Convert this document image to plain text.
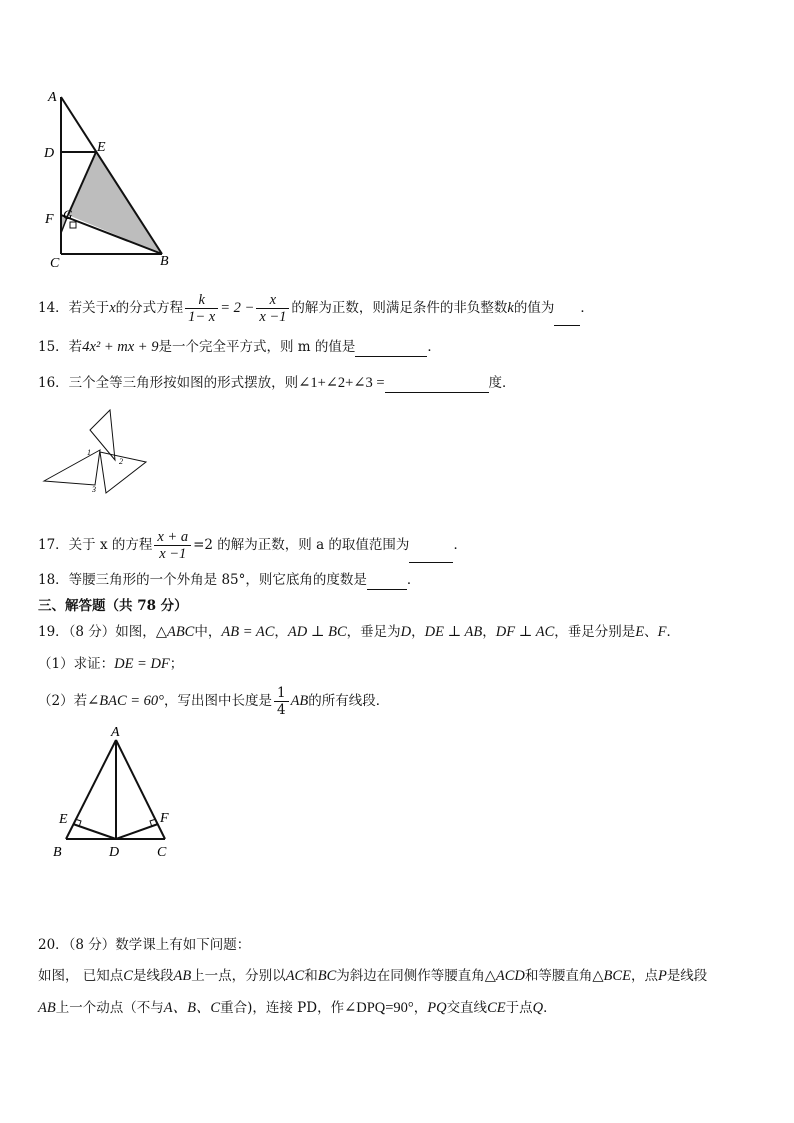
A
D	E
F G
C	B
14．若关于x的分式方程 $\frac{k}{1- x} = 2 - \frac{x}{x -1}$ 的解为正数，则满足条件的非负整数k的值为 ．
15．若4x² + mx + 9是一个完全平方式，则 m 的值是	．
16．三个全等三角形按如图的形式摆放，则∠1+∠2+∠3 =	度．
1
2
3
17．关于 x 的方程 $\frac{x + a}{x -1} =2$ 的解为正数，则 a 的取值范围为	．
18．等腰三角形的一个外角是 85°，则它底角的度数是	．
三、解答题（共 78 分）
19．（8 分）如图，△ABC中，AB = AC，AD ⊥ BC，垂足为D，DE ⊥ AB，DF ⊥ AC，垂足分别是E、F．
（1）求证：DE = DF；
（2）若∠BAC = 60°，写出图中长度是 $\frac{1}{4}$ AB的所有线段．
A
E	F
B	D	C
20．（8 分）数学课上有如下问题：
如图， 已知点C是线段AB上一点，分别以AC和BC为斜边在同侧作等腰直角△ACD和等腰直角△BCE，点P是线段
AB上一个动点（不与A、B、C重合)，连接 PD，作∠DPQ=90°，PQ交直线CE于点Q．
